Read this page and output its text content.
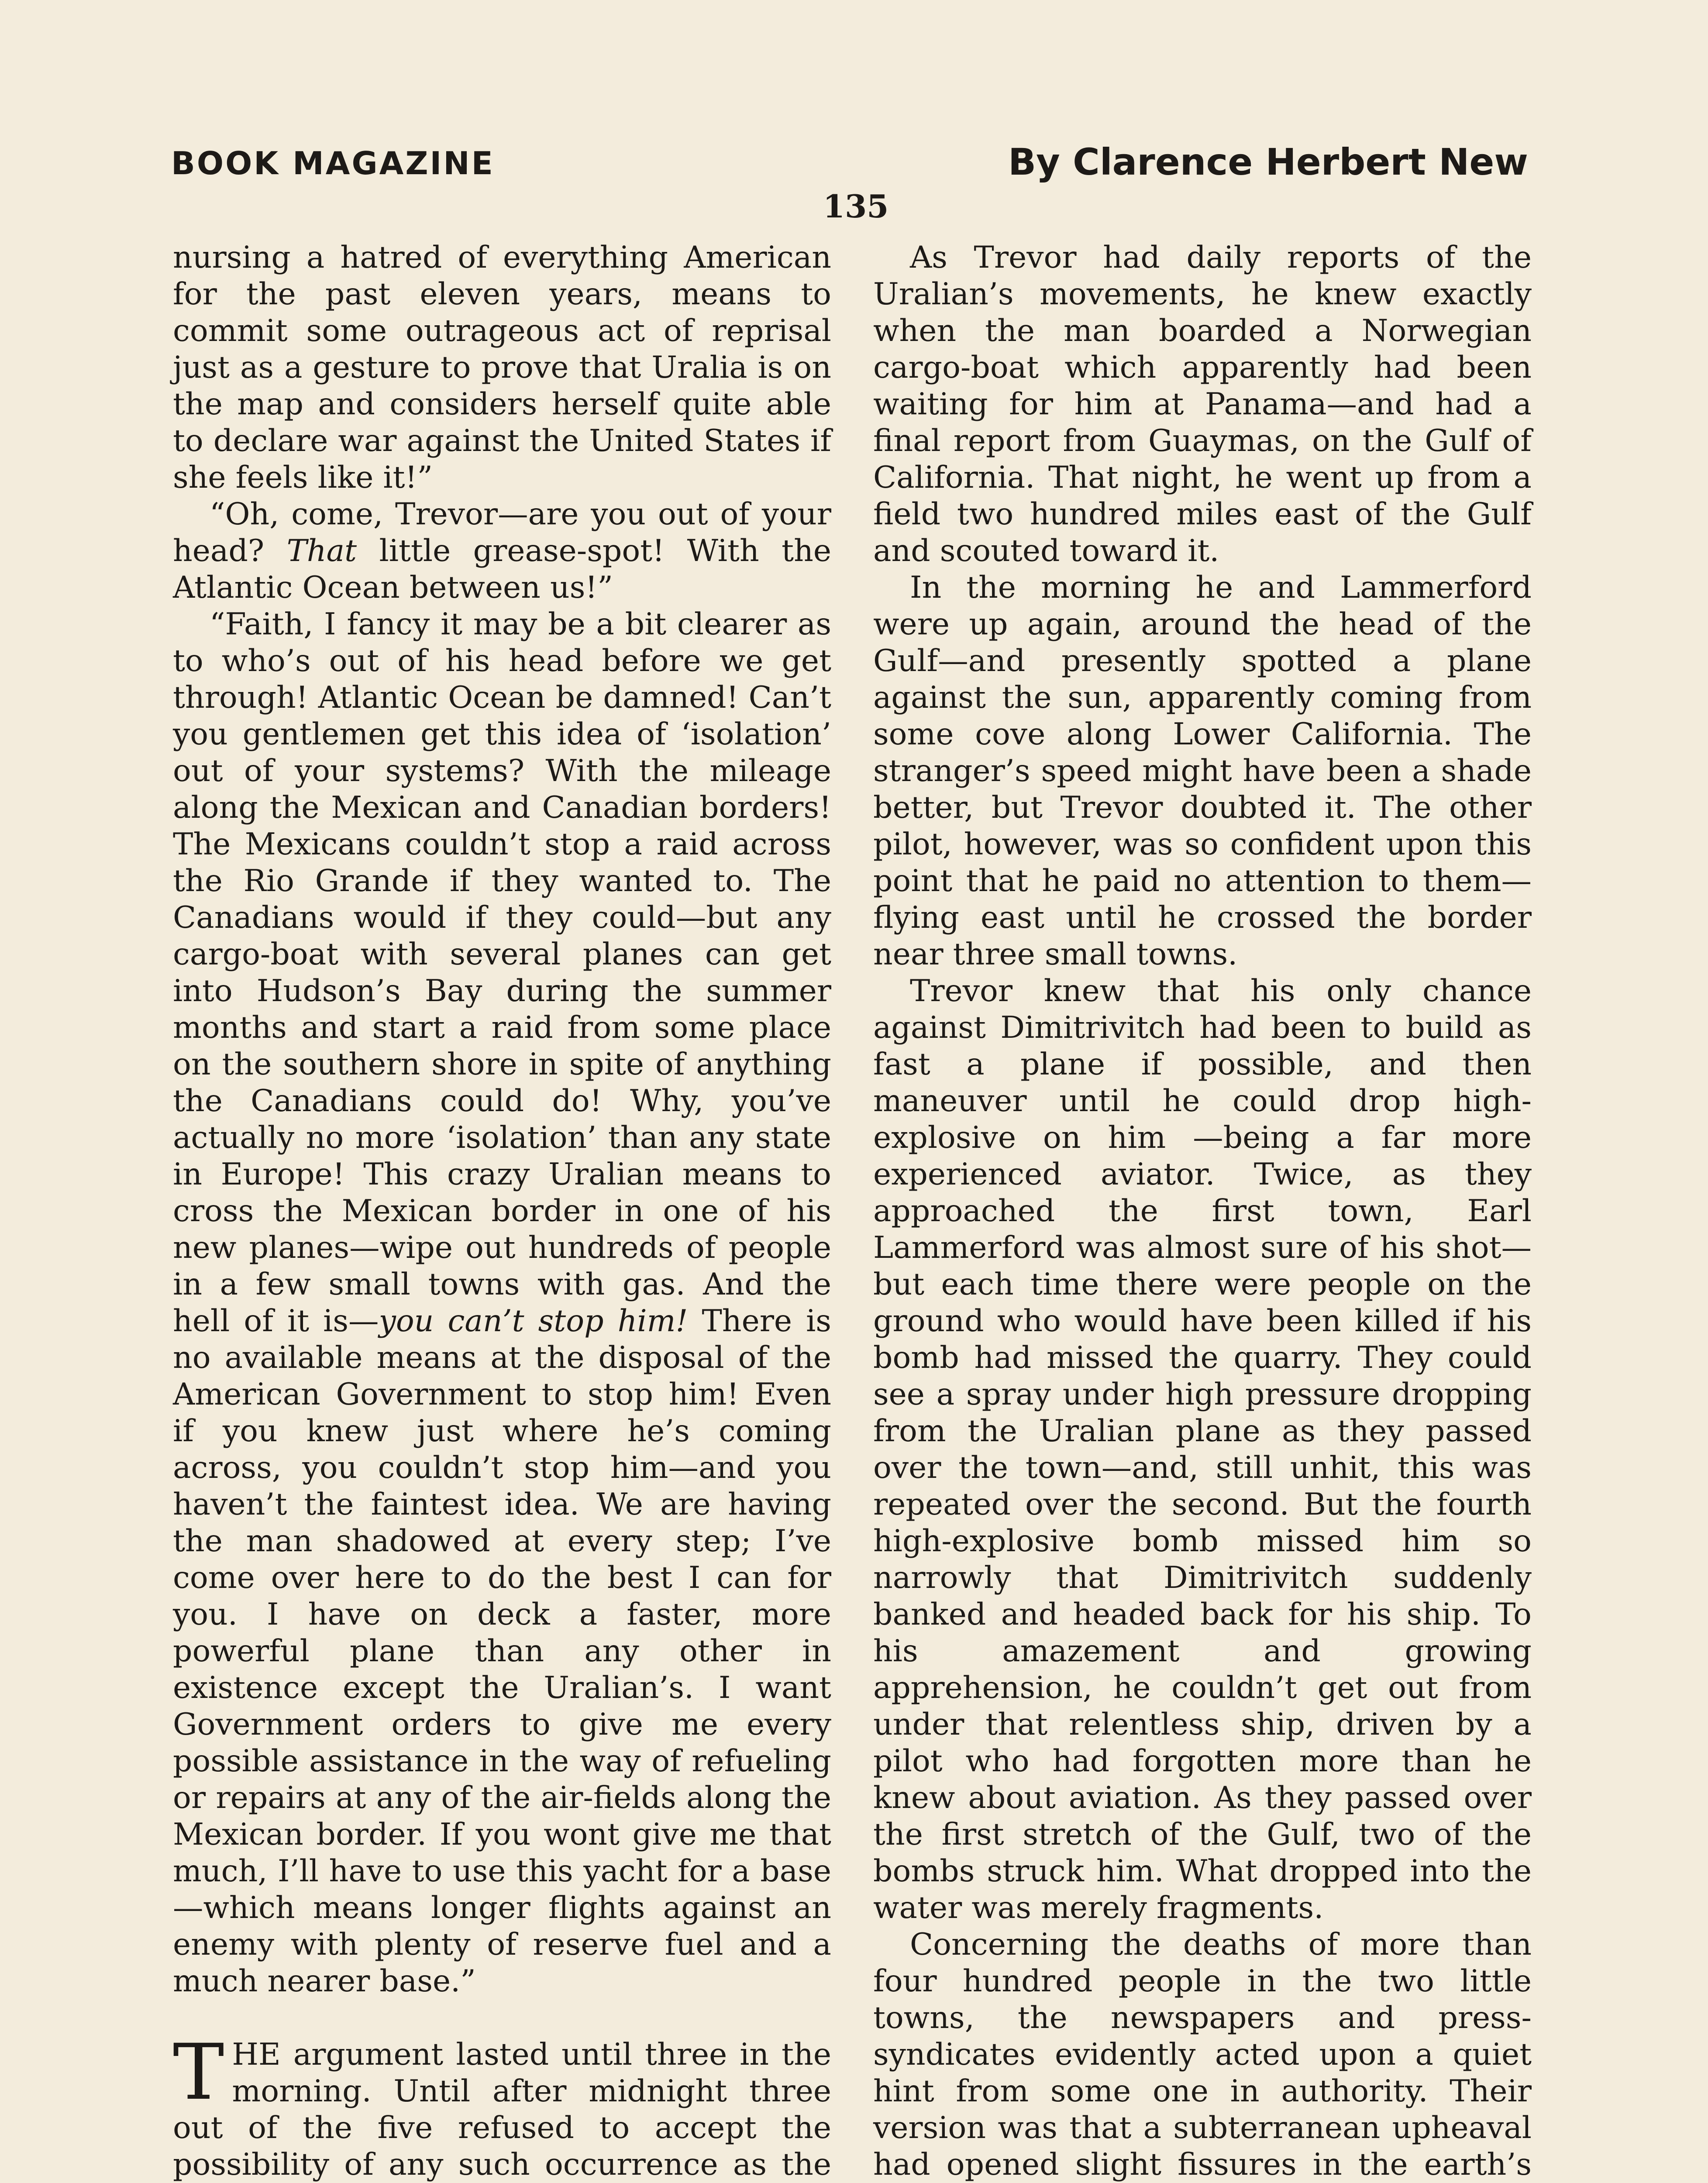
BOOK MAGAZINE	By Clarence Herbert New
135

nursing a hatred of everything American for the past eleven years, means to commit some outrageous act of reprisal just as a gesture to prove that Uralia is on the map and considers herself quite able to declare war against the United States if she feels like it!”

“Oh, come, Trevor—are you out of your head? That little grease-spot! With the Atlantic Ocean between us!”

“Faith, I fancy it may be a bit clearer as to who’s out of his head before we get through! Atlantic Ocean be damned! Can’t you gentlemen get this idea of ‘isolation’ out of your systems? With the mileage along the Mexican and Canadian borders! The Mexicans couldn’t stop a raid across the Rio Grande if they wanted to. The Canadians would if they could—but any cargo-boat with several planes can get into Hudson’s Bay during the summer months and start a raid from some place on the southern shore in spite of anything the Canadians could do! Why, you’ve actually no more ‘isolation’ than any state in Europe! This crazy Uralian means to cross the Mexican border in one of his new planes—wipe out hundreds of people in a few small towns with gas. And the hell of it is—you can’t stop him! There is no available means at the disposal of the American Government to stop him! Even if you knew just where he’s coming across, you couldn’t stop him—and you haven’t the faintest idea. We are having the man shadowed at every step; I’ve come over here to do the best I can for you. I have on deck a faster, more powerful plane than any other in existence except the Uralian’s. I want Government orders to give me every possible assistance in the way of refueling or repairs at any of the air-fields along the Mexican border. If you wont give me that much, I’ll have to use this yacht for a base—which means longer flights against an enemy with plenty of reserve fuel and a much nearer base.”

THE argument lasted until three in the morning. Until after midnight three out of the five refused to accept the possibility of any such occurrence as the

As Trevor had daily reports of the Uralian’s movements, he knew exactly when the man boarded a Norwegian cargo-boat which apparently had been waiting for him at Panama—and had a final report from Guaymas, on the Gulf of California. That night, he went up from a field two hundred miles east of the Gulf and scouted toward it.

In the morning he and Lammerford were up again, around the head of the Gulf—and presently spotted a plane against the sun, apparently coming from some cove along Lower California. The stranger’s speed might have been a shade better, but Trevor doubted it. The other pilot, however, was so confident upon this point that he paid no attention to them—flying east until he crossed the border near three small towns.

Trevor knew that his only chance against Dimitrivitch had been to build as fast a plane if possible, and then maneuver until he could drop high-explosive on him —being a far more experienced aviator. Twice, as they approached the first town, Earl Lammerford was almost sure of his shot—but each time there were people on the ground who would have been killed if his bomb had missed the quarry. They could see a spray under high pressure dropping from the Uralian plane as they passed over the town—and, still unhit, this was repeated over the second. But the fourth high-explosive bomb missed him so narrowly that Dimitrivitch suddenly banked and headed back for his ship. To his amazement and growing apprehension, he couldn’t get out from under that relentless ship, driven by a pilot who had forgotten more than he knew about aviation. As they passed over the first stretch of the Gulf, two of the bombs struck him. What dropped into the water was merely fragments.

Concerning the deaths of more than four hundred people in the two little towns, the newspapers and press-syndicates evidently acted upon a quiet hint from some one in authority. Their version was that a subterranean upheaval had opened slight fissures in the earth’s
